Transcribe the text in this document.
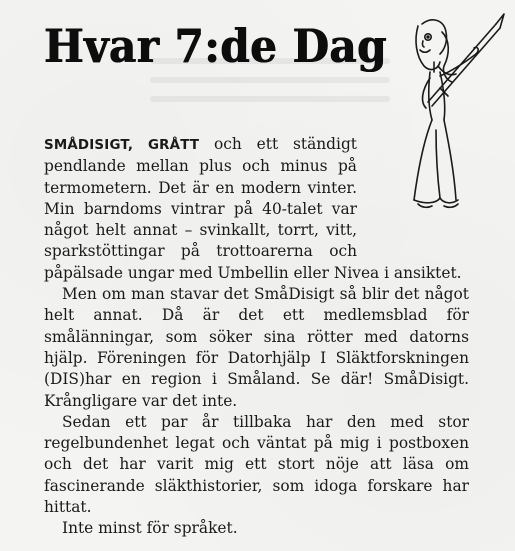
Hvar 7:de Dag

SMÅDISIGT, GRÅTT och ett ständigt pendlande mellan plus och minus på termometern. Det är en modern vinter. Min barndoms vintrar på 40-talet var något helt annat – svinkallt, torrt, vitt, sparkstöttingar på trottoarerna och påpälsade ungar med Umbellin eller Nivea i ansiktet.

Men om man stavar det SmåDisigt så blir det något helt annat. Då är det ett medlemsblad för smålänningar, som söker sina rötter med datorns hjälp. Föreningen för Datorhjälp I Släktforskningen (DIS)har en region i Småland. Se där! SmåDisigt. Krångligare var det inte.

Sedan ett par år tillbaka har den med stor regelbundenhet legat och väntat på mig i postboxen och det har varit mig ett stort nöje att läsa om fascinerande släkthistorier, som idoga forskare har hittat.

Inte minst för språket.
